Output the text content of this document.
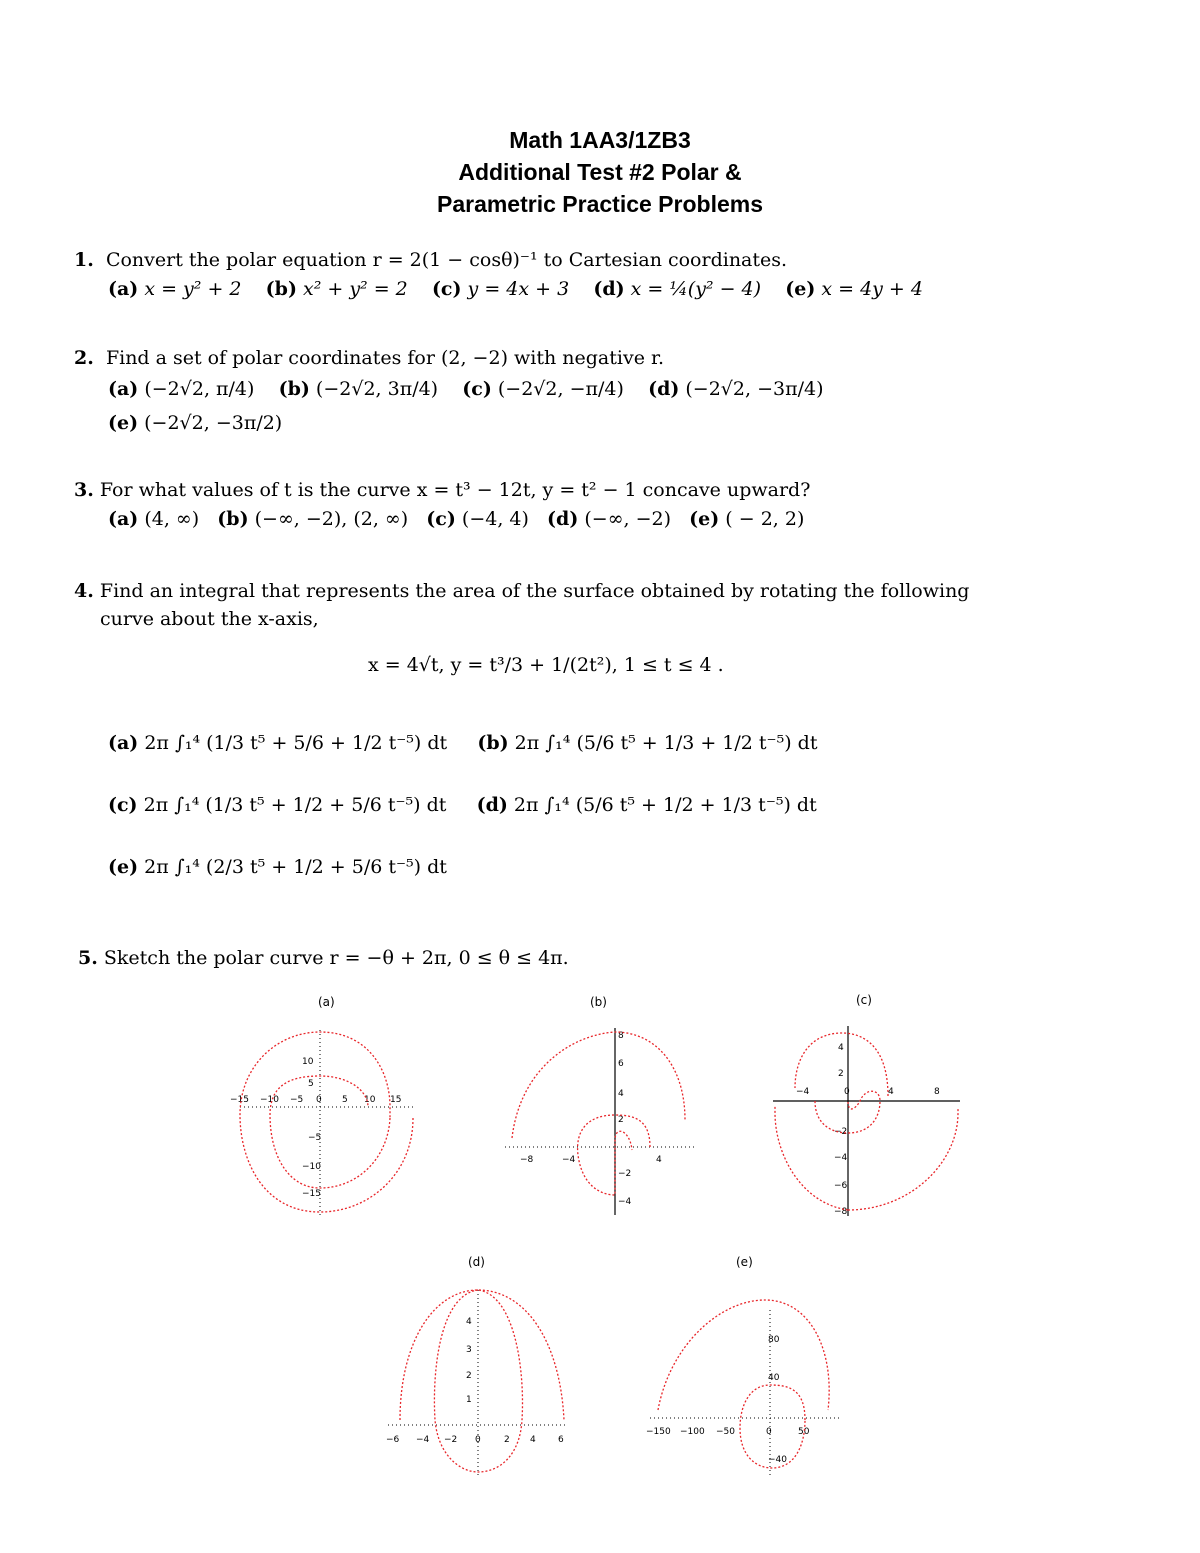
Math 1AA3/1ZB3
Additional Test #2 Polar &
Parametric Practice Problems
1. Convert the polar equation r = 2(1 − cosθ)⁻¹ to Cartesian coordinates.
(a) x = y² + 2 (b) x² + y² = 2 (c) y = 4x + 3 (d) x = ¼(y² − 4) (e) x = 4y + 4
2. Find a set of polar coordinates for (2, −2) with negative r.
(a) (−2√2, π/4) (b) (−2√2, 3π/4) (c) (−2√2, −π/4) (d) (−2√2, −3π/4)
(e) (−2√2, −3π/2)
3. For what values of t is the curve x = t³ − 12t, y = t² − 1 concave upward?
(a) (4, ∞) (b) (−∞, −2), (2, ∞) (c) (−4, 4) (d) (−∞, −2) (e) ( − 2, 2)
4. Find an integral that represents the area of the surface obtained by rotating the following
curve about the x-axis,
x = 4√t, y = t³/3 + 1/(2t²), 1 ≤ t ≤ 4 .
(a) 2π ∫₁⁴ (1/3 t⁵ + 5/6 + 1/2 t⁻⁵) dt (b) 2π ∫₁⁴ (5/6 t⁵ + 1/3 + 1/2 t⁻⁵) dt
(c) 2π ∫₁⁴ (1/3 t⁵ + 1/2 + 5/6 t⁻⁵) dt (d) 2π ∫₁⁴ (5/6 t⁵ + 1/2 + 1/3 t⁻⁵) dt
(e) 2π ∫₁⁴ (2/3 t⁵ + 1/2 + 5/6 t⁻⁵) dt
5. Sketch the polar curve r = −θ + 2π, 0 ≤ θ ≤ 4π.
(a)
10
5
−15 −10 −5 0 5 10 15
−5
−10
−15
(b)
8
6
4
2
−8	−4	4
−2
−4
(c)
4
2
−4	0	4	8
−2
−4
−6
−8
(d)
4
3
2
1
−6 −4 −2 0	2 4 6
(e)
80
40
−150 −100 −50	0	50
−40
